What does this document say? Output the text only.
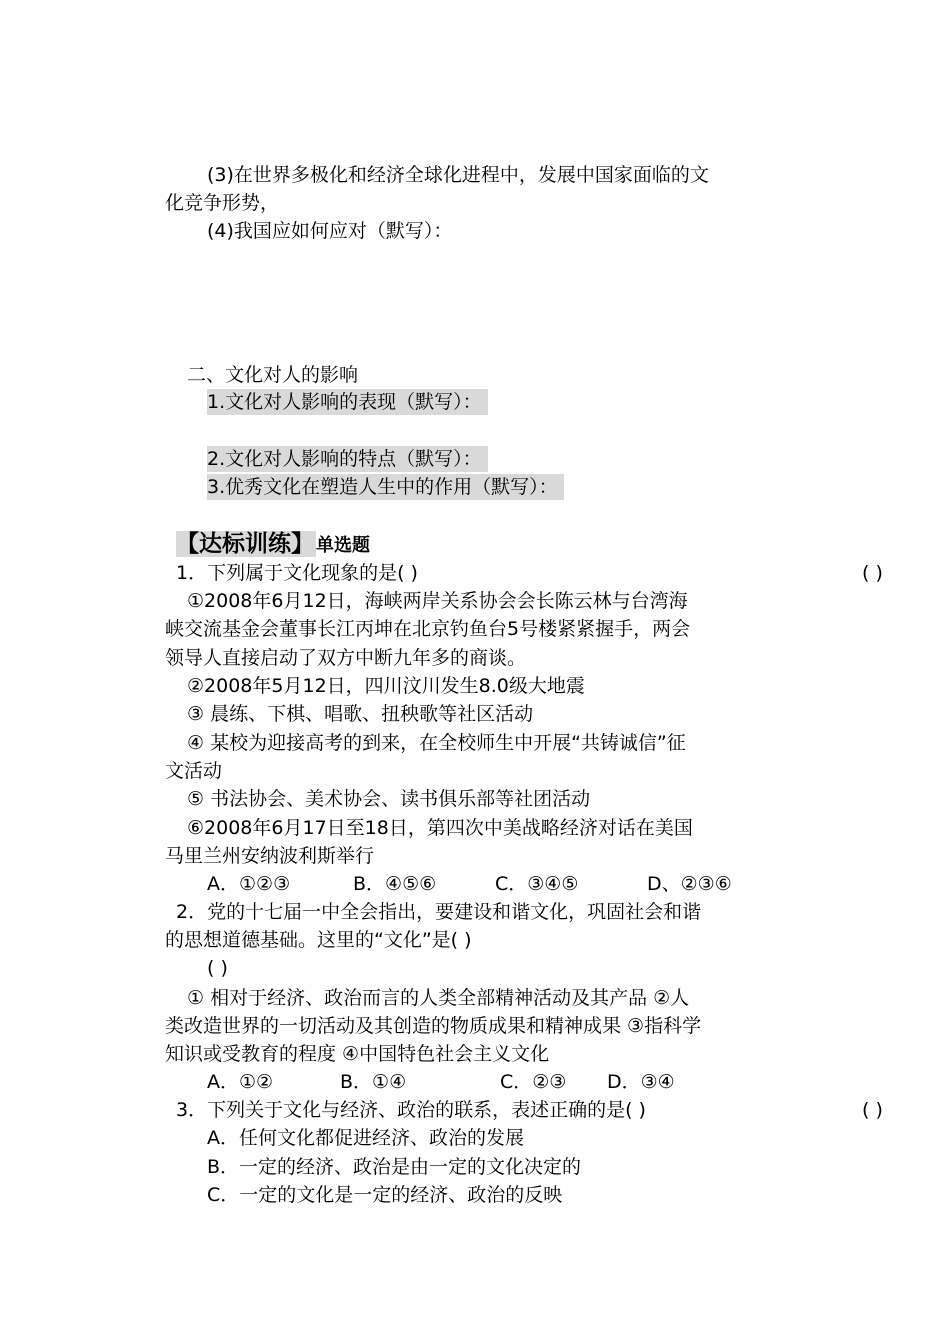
(3)在世界多极化和经济全球化进程中，发展中国家面临的文
化竞争形势，
(4)我国应如何应对（默写）：
二、文化对人的影响
1.文化对人影响的表现（默写）：
2.文化对人影响的特点（默写）：
3.优秀文化在塑造人生中的作用（默写）：
【达标训练】 单选题
1．下列属于文化现象的是( )	( )
①2008年6月12日，海峡两岸关系协会会长陈云林与台湾海
峡交流基金会董事长江丙坤在北京钓鱼台5号楼紧紧握手，两会
领导人直接启动了双方中断九年多的商谈。
②2008年5月12日，四川汶川发生8.0级大地震
③ 晨练、下棋、唱歌、扭秧歌等社区活动
④ 某校为迎接高考的到来，在全校师生中开展“共铸诚信”征
文活动
⑤ 书法协会、美术协会、读书俱乐部等社团活动
⑥2008年6月17日至18日，第四次中美战略经济对话在美国
马里兰州安纳波利斯举行
A．①②③	B．④⑤⑥	C．③④⑤	D、②③⑥
2．党的十七届一中全会指出，要建设和谐文化，巩固社会和谐
的思想道德基础。这里的“文化”是( )
( )
① 相对于经济、政治而言的人类全部精神活动及其产品 ②人
类改造世界的一切活动及其创造的物质成果和精神成果 ③指科学
知识或受教育的程度 ④中国特色社会主义文化
A．①②	B．①④	C．②③ D．③④
3．下列关于文化与经济、政治的联系，表述正确的是( )	( )
A．任何文化都促进经济、政治的发展
B．一定的经济、政治是由一定的文化决定的
C．一定的文化是一定的经济、政治的反映
